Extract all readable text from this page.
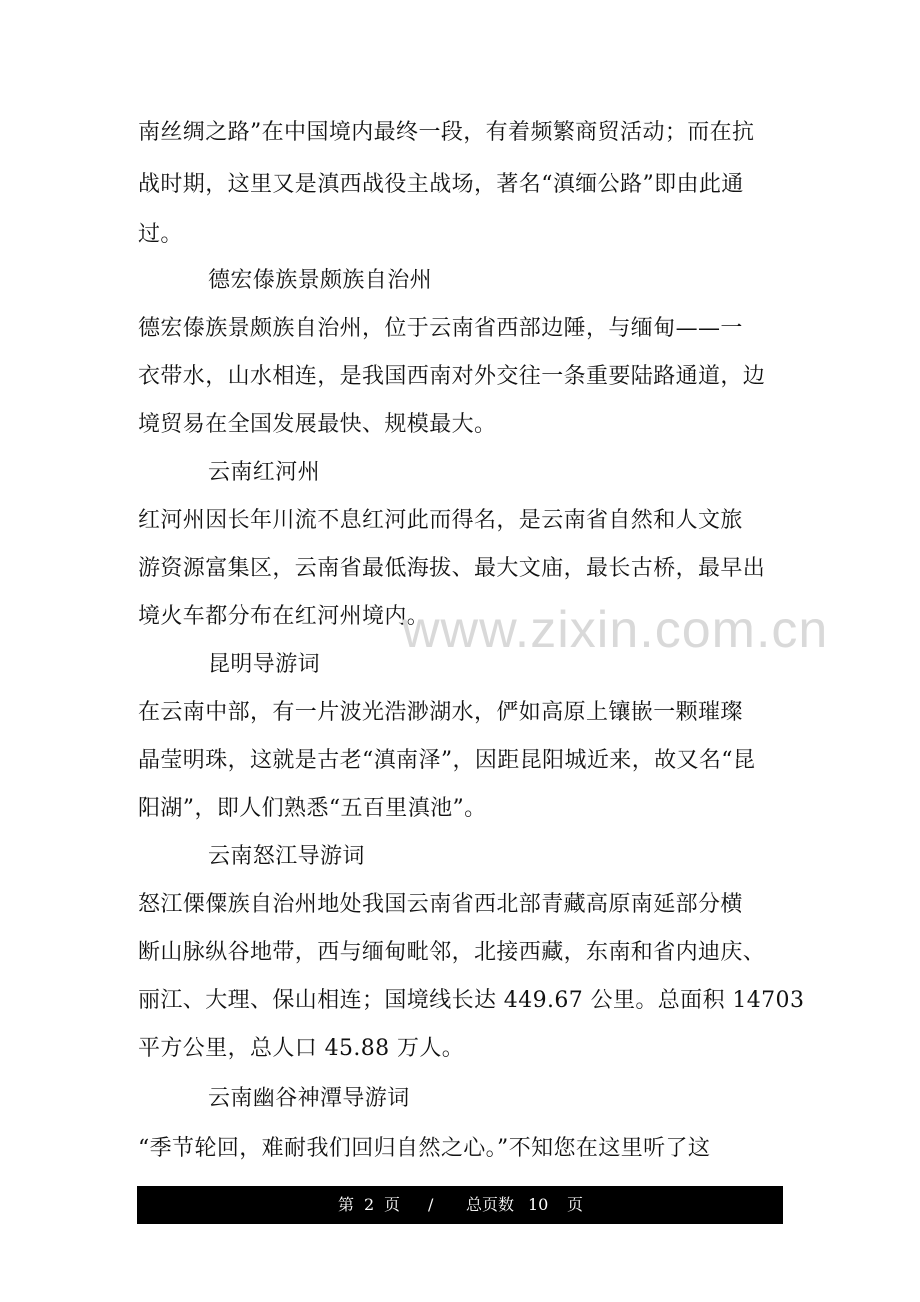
南丝绸之路”在中国境内最终一段，有着频繁商贸活动；而在抗
战时期，这里又是滇西战役主战场，著名“滇缅公路”即由此通
过。
德宏傣族景颇族自治州
德宏傣族景颇族自治州，位于云南省西部边陲，与缅甸——一
衣带水，山水相连，是我国西南对外交往一条重要陆路通道，边
境贸易在全国发展最快、规模最大。
云南红河州
红河州因长年川流不息红河此而得名，是云南省自然和人文旅
游资源富集区，云南省最低海拔、最大文庙，最长古桥，最早出
境火车都分布在红河州境内。
www.zixin.com.cn
昆明导游词
在云南中部，有一片波光浩渺湖水，俨如高原上镶嵌一颗璀璨
晶莹明珠，这就是古老“滇南泽”，因距昆阳城近来，故又名“昆
阳湖”，即人们熟悉“五百里滇池”。
云南怒江导游词
怒江傈僳族自治州地处我国云南省西北部青藏高原南延部分横
断山脉纵谷地带，西与缅甸毗邻，北接西藏，东南和省内迪庆、
丽江、大理、保山相连；国境线长达 449.67 公里。总面积 14703
平方公里，总人口 45.88 万人。
云南幽谷神潭导游词
“季节轮回，难耐我们回归自然之心。”不知您在这里听了这
第 2 页 / 总页数 10 页
